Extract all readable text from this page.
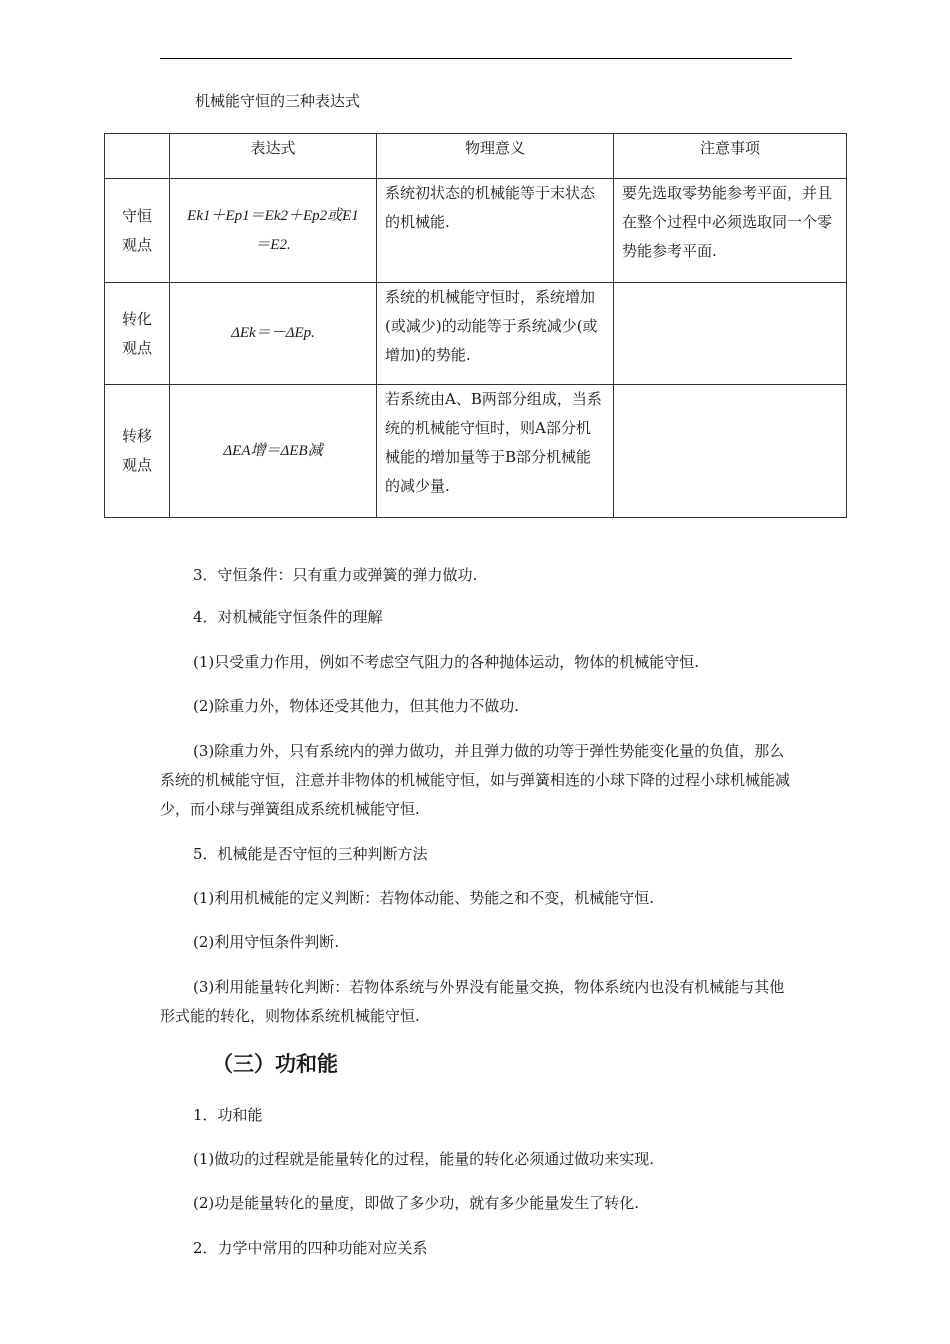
机械能守恒的三种表达式
	表达式	物理意义	注意事项
守恒观点	Ek1＋Ep1＝Ek2＋Ep2或E1＝E2.	系统初状态的机械能等于末状态的机械能.	要先选取零势能参考平面，并且在整个过程中必须选取同一个零势能参考平面.
转化观点	ΔEk＝－ΔEp.	系统的机械能守恒时，系统增加(或减少)的动能等于系统减少(或增加)的势能.	
转移观点	ΔEA增＝ΔEB减	若系统由A、B两部分组成，当系统的机械能守恒时，则A部分机械能的增加量等于B部分机械能的减少量.	
3．守恒条件：只有重力或弹簧的弹力做功.
4．对机械能守恒条件的理解
(1)只受重力作用，例如不考虑空气阻力的各种抛体运动，物体的机械能守恒.
(2)除重力外，物体还受其他力，但其他力不做功.
(3)除重力外，只有系统内的弹力做功，并且弹力做的功等于弹性势能变化量的负值，那么系统的机械能守恒，注意并非物体的机械能守恒，如与弹簧相连的小球下降的过程小球机械能减少，而小球与弹簧组成系统机械能守恒.
5．机械能是否守恒的三种判断方法
(1)利用机械能的定义判断：若物体动能、势能之和不变，机械能守恒.
(2)利用守恒条件判断.
(3)利用能量转化判断：若物体系统与外界没有能量交换，物体系统内也没有机械能与其他形式能的转化，则物体系统机械能守恒.
（三）功和能
1．功和能
(1)做功的过程就是能量转化的过程，能量的转化必须通过做功来实现.
(2)功是能量转化的量度，即做了多少功，就有多少能量发生了转化.
2．力学中常用的四种功能对应关系
